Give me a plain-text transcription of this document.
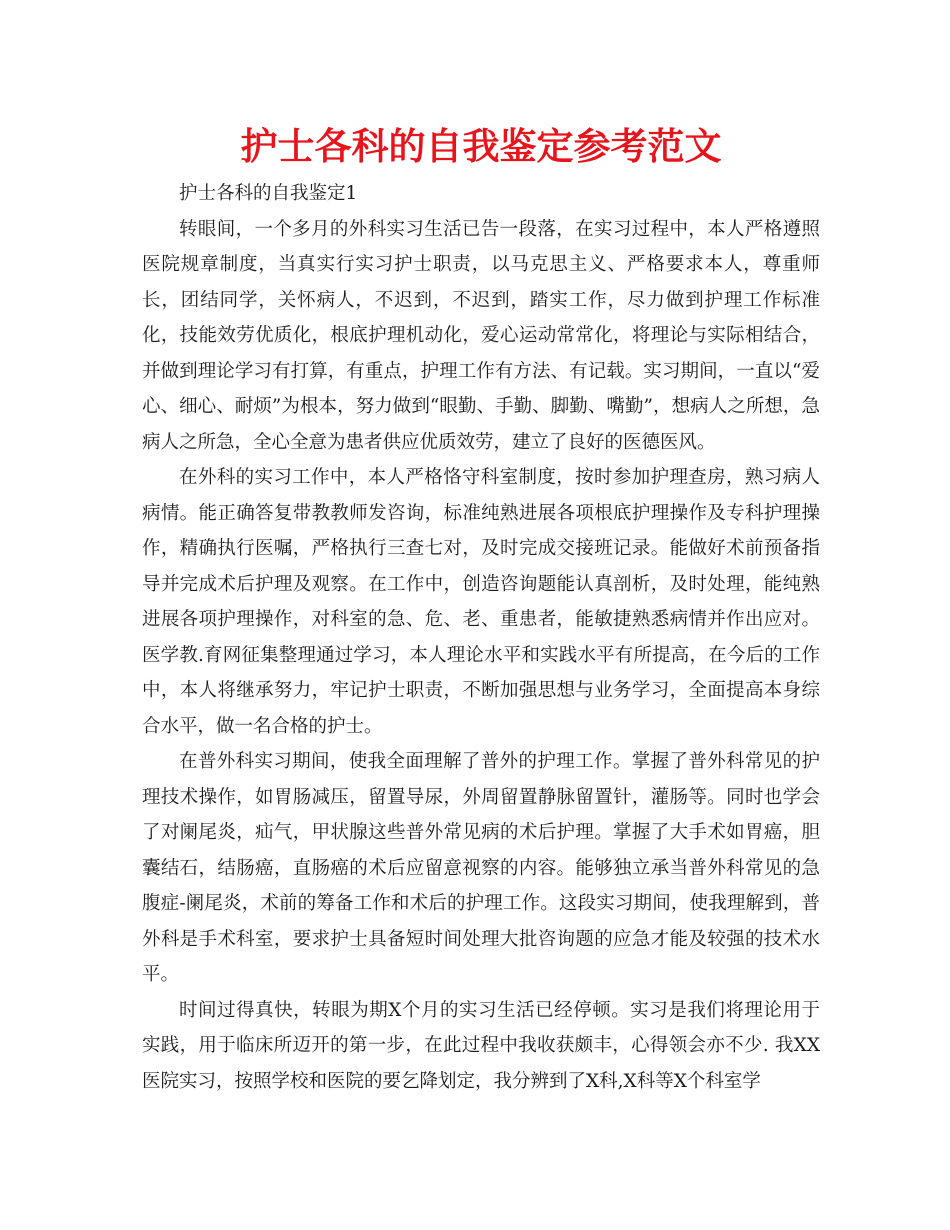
护士各科的自我鉴定参考范文

护士各科的自我鉴定1

转眼间，一个多月的外科实习生活已告一段落，在实习过程中，本人严格遵照医院规章制度，当真实行实习护士职责，以马克思主义、严格要求本人，尊重师长，团结同学，关怀病人，不迟到，不迟到，踏实工作，尽力做到护理工作标准化，技能效劳优质化，根底护理机动化，爱心运动常常化，将理论与实际相结合，并做到理论学习有打算，有重点，护理工作有方法、有记载。实习期间，一直以“爱心、细心、耐烦”为根本，努力做到“眼勤、手勤、脚勤、嘴勤”，想病人之所想，急病人之所急，全心全意为患者供应优质效劳，建立了良好的医德医风。

在外科的实习工作中，本人严格恪守科室制度，按时参加护理查房，熟习病人病情。能正确答复带教教师发咨询，标准纯熟进展各项根底护理操作及专科护理操作，精确执行医嘱，严格执行三查七对，及时完成交接班记录。能做好术前预备指导并完成术后护理及观察。在工作中，创造咨询题能认真剖析，及时处理，能纯熟进展各项护理操作，对科室的急、危、老、重患者，能敏捷熟悉病情并作出应对。医学教.育网征集整理通过学习，本人理论水平和实践水平有所提高，在今后的工作中，本人将继承努力，牢记护士职责，不断加强思想与业务学习，全面提高本身综合水平，做一名合格的护士。

在普外科实习期间，使我全面理解了普外的护理工作。掌握了普外科常见的护理技术操作，如胃肠减压，留置导尿，外周留置静脉留置针，灌肠等。同时也学会了对阑尾炎，疝气，甲状腺这些普外常见病的术后护理。掌握了大手术如胃癌，胆囊结石，结肠癌，直肠癌的术后应留意视察的内容。能够独立承当普外科常见的急腹症-阑尾炎，术前的筹备工作和术后的护理工作。这段实习期间，使我理解到，普外科是手术科室，要求护士具备短时间处理大批咨询题的应急才能及较强的技术水平。

时间过得真快，转眼为期X个月的实习生活已经停顿。实习是我们将理论用于实践，用于临床所迈开的第一步，在此过程中我收获颇丰，心得领会亦不少. 我XX医院实习，按照学校和医院的要乞降划定，我分辨到了X科,X科等X个科室学
